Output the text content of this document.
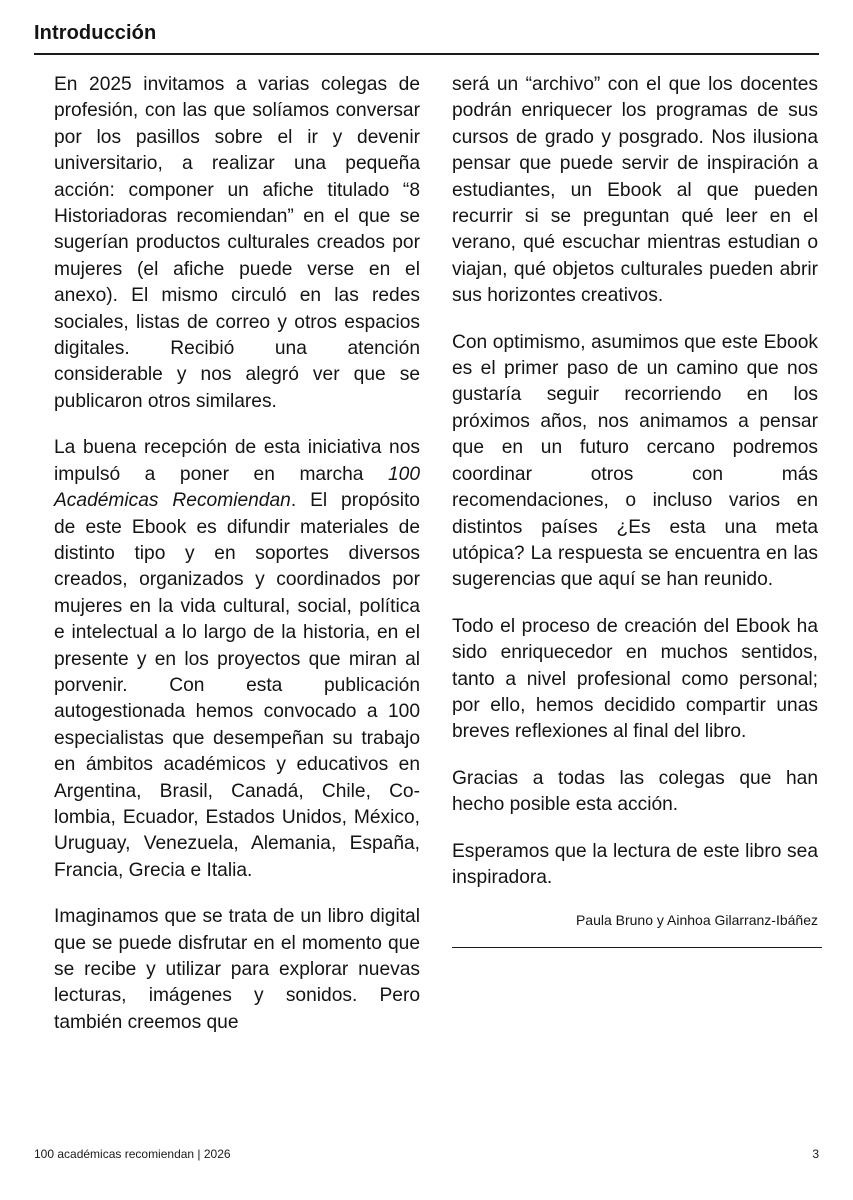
Introducción

En 2025 invitamos a varias colegas de profesión, con las que solíamos conversar por los pasillos sobre el ir y devenir universitario, a realizar una pequeña acción: componer un afiche titulado “8 Historiadoras recomiendan” en el que se sugerían productos culturales creados por mujeres (el afiche puede verse en el anexo). El mismo circuló en las redes sociales, listas de correo y otros espacios digitales. Recibió una atención considerable y nos alegró ver que se publicaron otros similares.

La buena recepción de esta iniciativa nos impulsó a poner en marcha 100 Académicas Recomiendan. El propósito de este Ebook es difundir materiales de distinto tipo y en soportes diversos creados, organizados y coordinados por mujeres en la vida cultural, social, política e intelectual a lo largo de la historia, en el presente y en los proyectos que miran al porvenir. Con esta publicación autogestionada hemos convocado a 100 especialistas que desempeñan su trabajo en ámbitos académicos y educativos en Argentina, Brasil, Canadá, Chile, Colombia, Ecuador, Estados Unidos, México, Uruguay, Venezuela, Alemania, España, Francia, Grecia e Italia.

Imaginamos que se trata de un libro digital que se puede disfrutar en el momento que se recibe y utilizar para explorar nuevas lecturas, imágenes y sonidos. Pero también creemos que

será un “archivo” con el que los docentes podrán enriquecer los programas de sus cursos de grado y posgrado. Nos ilusiona pensar que puede servir de inspiración a estudiantes, un Ebook al que pueden recurrir si se preguntan qué leer en el verano, qué escuchar mientras estudian o viajan, qué objetos culturales pueden abrir sus horizontes creativos.

Con optimismo, asumimos que este Ebook es el primer paso de un camino que nos gustaría seguir recorriendo en los próximos años, nos animamos a pensar que en un futuro cercano podremos coordinar otros con más recomendaciones, o incluso varios en distintos países ¿Es esta una meta utópica? La respuesta se encuentra en las sugerencias que aquí se han reunido.

Todo el proceso de creación del Ebook ha sido enriquecedor en muchos sentidos, tanto a nivel profesional como personal; por ello, hemos decidido compartir unas breves reflexiones al final del libro.

Gracias a todas las colegas que han hecho posible esta acción.

Esperamos que la lectura de este libro sea inspiradora.

Paula Bruno y Ainhoa Gilarranz-Ibáñez
100 académicas recomiendan | 2026	3
